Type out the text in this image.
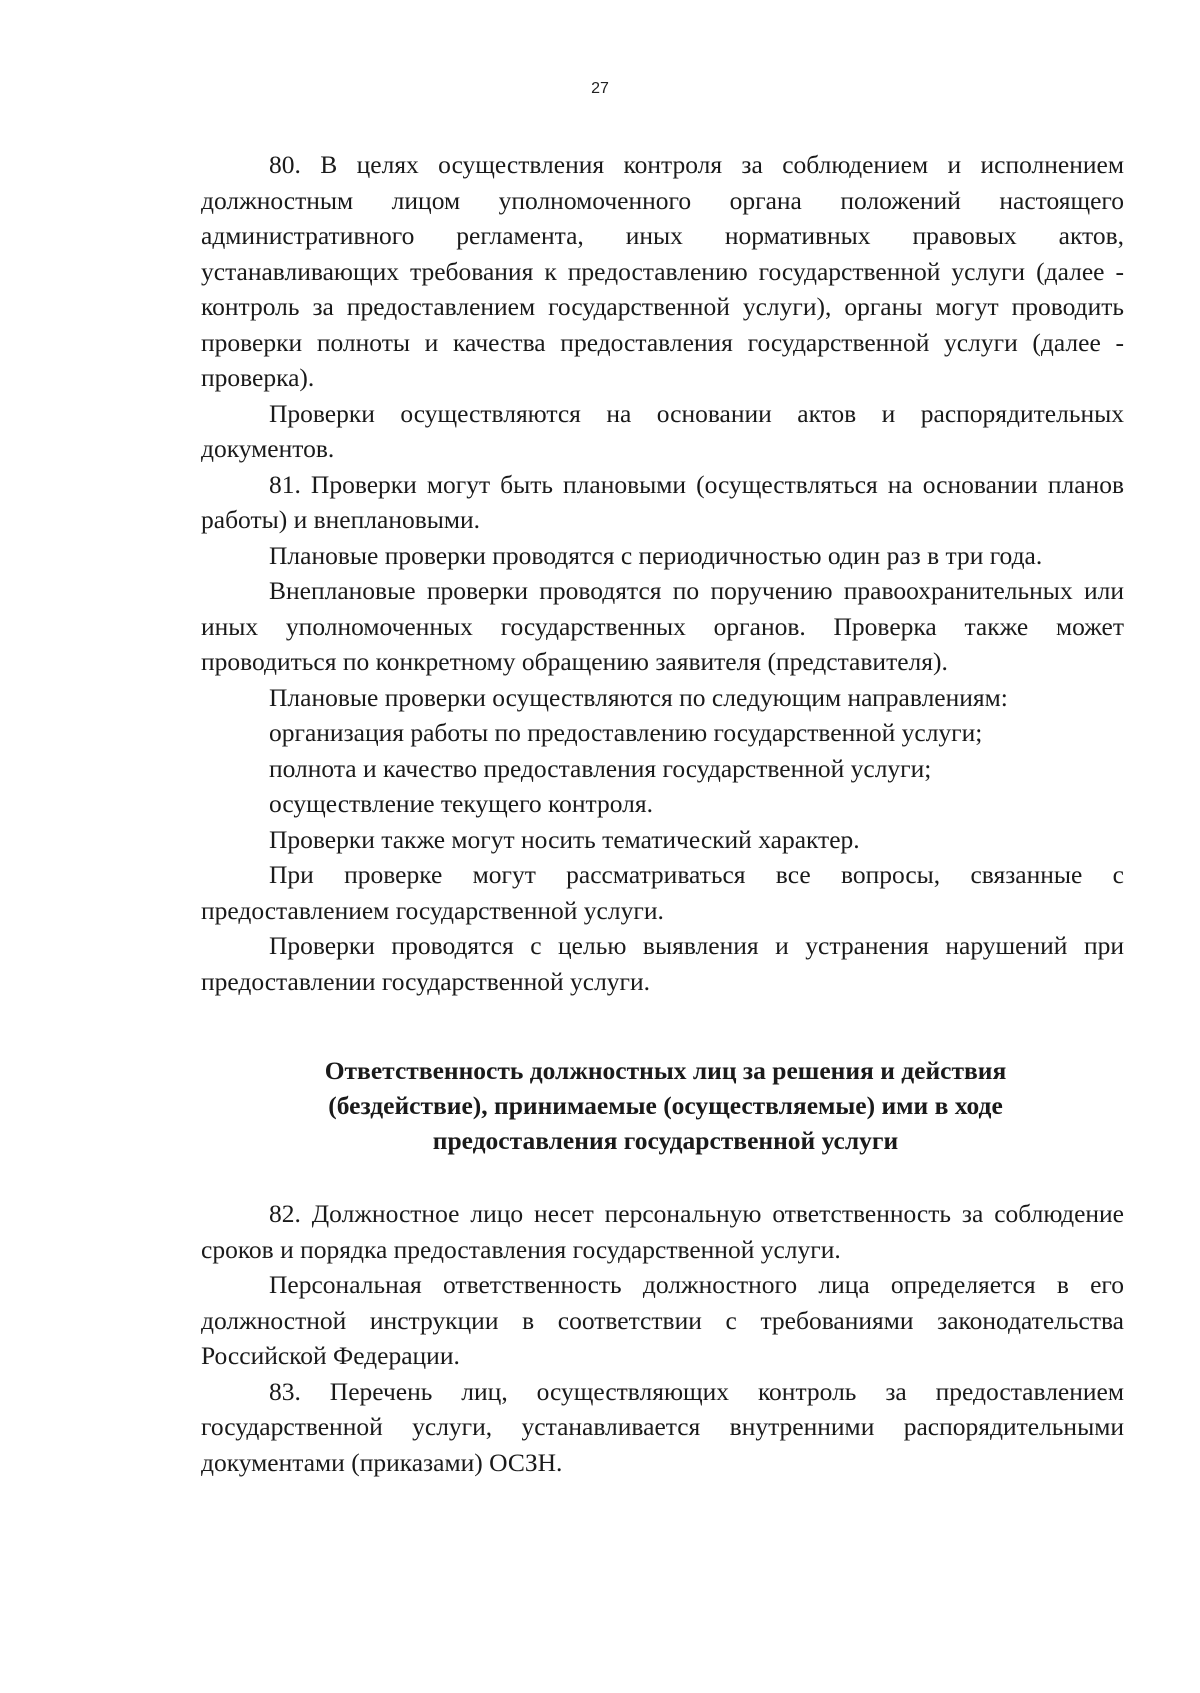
27

80. В целях осуществления контроля за соблюдением и исполнением должностным лицом уполномоченного органа положений настоящего административного регламента, иных нормативных правовых актов, устанавливающих требования к предоставлению государственной услуги (далее - контроль за предоставлением государственной услуги), органы могут проводить проверки полноты и качества предоставления государственной услуги (далее - проверка).

Проверки осуществляются на основании актов и распорядительных документов.

81. Проверки могут быть плановыми (осуществляться на основании планов работы) и внеплановыми.

Плановые проверки проводятся с периодичностью один раз в три года.

Внеплановые проверки проводятся по поручению правоохранительных или иных уполномоченных государственных органов. Проверка также может проводиться по конкретному обращению заявителя (представителя).

Плановые проверки осуществляются по следующим направлениям:

организация работы по предоставлению государственной услуги;

полнота и качество предоставления государственной услуги;

осуществление текущего контроля.

Проверки также могут носить тематический характер.

При проверке могут рассматриваться все вопросы, связанные с предоставлением государственной услуги.

Проверки проводятся с целью выявления и устранения нарушений при предоставлении государственной услуги.

Ответственность должностных лиц за решения и действия
(бездействие), принимаемые (осуществляемые) ими в ходе
предоставления государственной услуги

82. Должностное лицо несет персональную ответственность за соблюдение сроков и порядка предоставления государственной услуги.

Персональная ответственность должностного лица определяется в его должностной инструкции в соответствии с требованиями законодательства Российской Федерации.

83. Перечень лиц, осуществляющих контроль за предоставлением государственной услуги, устанавливается внутренними распорядительными документами (приказами) ОСЗН.
